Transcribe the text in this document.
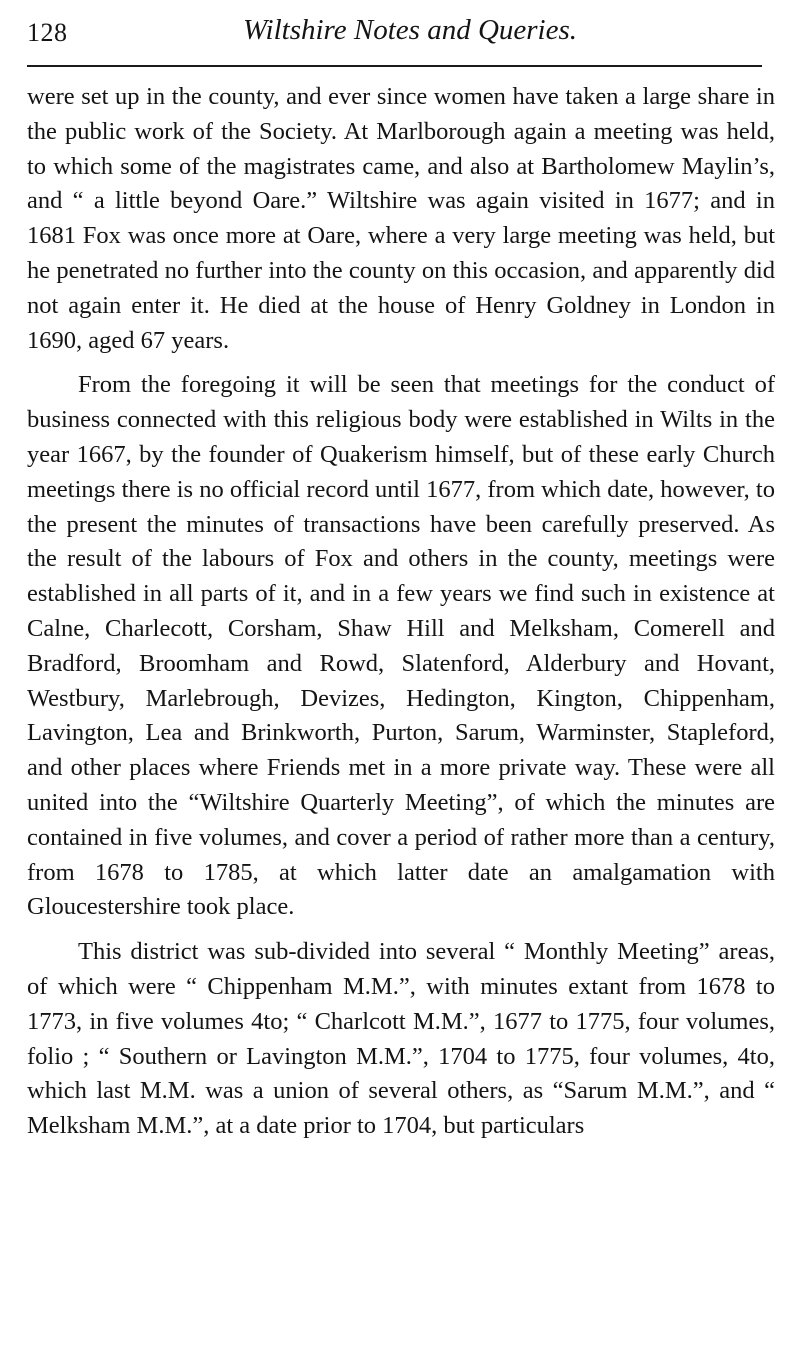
128	Wiltshire Notes and Queries.

were set up in the county, and ever since women have taken a large share in the public work of the Society. At Marlborough again a meeting was held, to which some of the magistrates came, and also at Bartholomew Maylin’s, and “ a little beyond Oare.” Wiltshire was again visited in 1677; and in 1681 Fox was once more at Oare, where a very large meeting was held, but he penetrated no further into the county on this occasion, and apparently did not again enter it. He died at the house of Henry Goldney in London in 1690, aged 67 years.

From the foregoing it will be seen that meetings for the conduct of business connected with this religious body were established in Wilts in the year 1667, by the founder of Quakerism himself, but of these early Church meetings there is no official record until 1677, from which date, however, to the present the minutes of transactions have been carefully preserved. As the result of the labours of Fox and others in the county, meetings were established in all parts of it, and in a few years we find such in existence at Calne, Charlecott, Corsham, Shaw Hill and Melksham, Comerell and Bradford, Broomham and Rowd, Slatenford, Alderbury and Hovant, Westbury, Marlebrough, Devizes, Hedington, Kington, Chippenham, Lavington, Lea and Brinkworth, Purton, Sarum, Warminster, Stapleford, and other places where Friends met in a more private way. These were all united into the “Wiltshire Quarterly Meeting”, of which the minutes are contained in five volumes, and cover a period of rather more than a century, from 1678 to 1785, at which latter date an amalgamation with Gloucestershire took place.

This district was sub-divided into several “ Monthly Meeting” areas, of which were “ Chippenham M.M.”, with minutes extant from 1678 to 1773, in five volumes 4to; “ Charlcott M.M.”, 1677 to 1775, four volumes, folio ; “ Southern or Lavington M.M.”, 1704 to 1775, four volumes, 4to, which last M.M. was a union of several others, as “Sarum M.M.”, and “ Melksham M.M.”, at a date prior to 1704, but particulars
